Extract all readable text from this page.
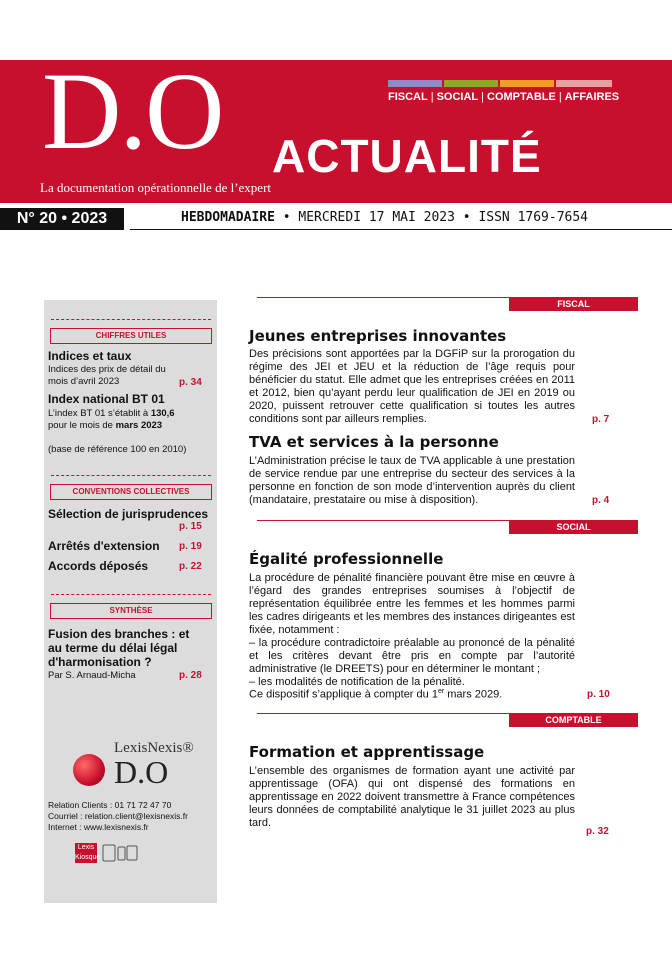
FISCAL | SOCIAL | COMPTABLE | AFFAIRES
D.O ACTUALITÉ
La documentation opérationnelle de l’expert
N° 20 • 2023	HEBDOMADAIRE • MERCREDI 17 MAI 2023 • ISSN 1769-7654
CHIFFRES UTILES
Indices et taux
Indices des prix de détail du mois d’avril 2023	p. 34
Index national BT 01
L’index BT 01 s’établit à 130,6 pour le mois de mars 2023
(base de référence 100 en 2010)
CONVENTIONS COLLECTIVES
Sélection de jurisprudences
p. 15
Arrêtés d'extension p. 19
Accords déposés	p. 22
SYNTHÈSE
Fusion des branches : et au terme du délai légal d'harmonisation ?
Par S. Arnaud-Micha	p. 28
LexisNexis®
D.O
Relation Clients : 01 71 72 47 70
Courriel : relation.client@lexisnexis.fr
Internet : www.lexisnexis.fr
Lexis Kiosque
FISCAL
Jeunes entreprises innovantes
Des précisions sont apportées par la DGFiP sur la prorogation du régime des JEI et JEU et la réduction de l’âge requis pour bénéficier du statut. Elle admet que les entreprises créées en 2011 et 2012, bien qu’ayant perdu leur qualification de JEI en 2019 ou 2020, puissent retrouver cette qualification si toutes les autres conditions sont par ailleurs remplies.	p. 7
TVA et services à la personne
L’Administration précise le taux de TVA applicable à une prestation de service rendue par une entreprise du secteur des services à la personne en fonction de son mode d’intervention auprès du client (mandataire, prestataire ou mise à disposition).	p. 4
SOCIAL
Égalité professionnelle
La procédure de pénalité financière pouvant être mise en œuvre à l’égard des grandes entreprises soumises à l’objectif de représentation équilibrée entre les femmes et les hommes parmi les cadres dirigeants et les membres des instances dirigeantes est fixée, notamment :
– la procédure contradictoire préalable au prononcé de la pénalité et les critères devant être pris en compte par l’autorité administrative (le DREETS) pour en déterminer le montant ;
– les modalités de notification de la pénalité.
Ce dispositif s’applique à compter du 1er mars 2029.	p. 10
COMPTABLE
Formation et apprentissage
L’ensemble des organismes de formation ayant une activité par apprentissage (OFA) qui ont dispensé des formations en apprentissage en 2022 doivent transmettre à France compétences leurs données de comptabilité analytique le 31 juillet 2023 au plus tard.
p. 32
